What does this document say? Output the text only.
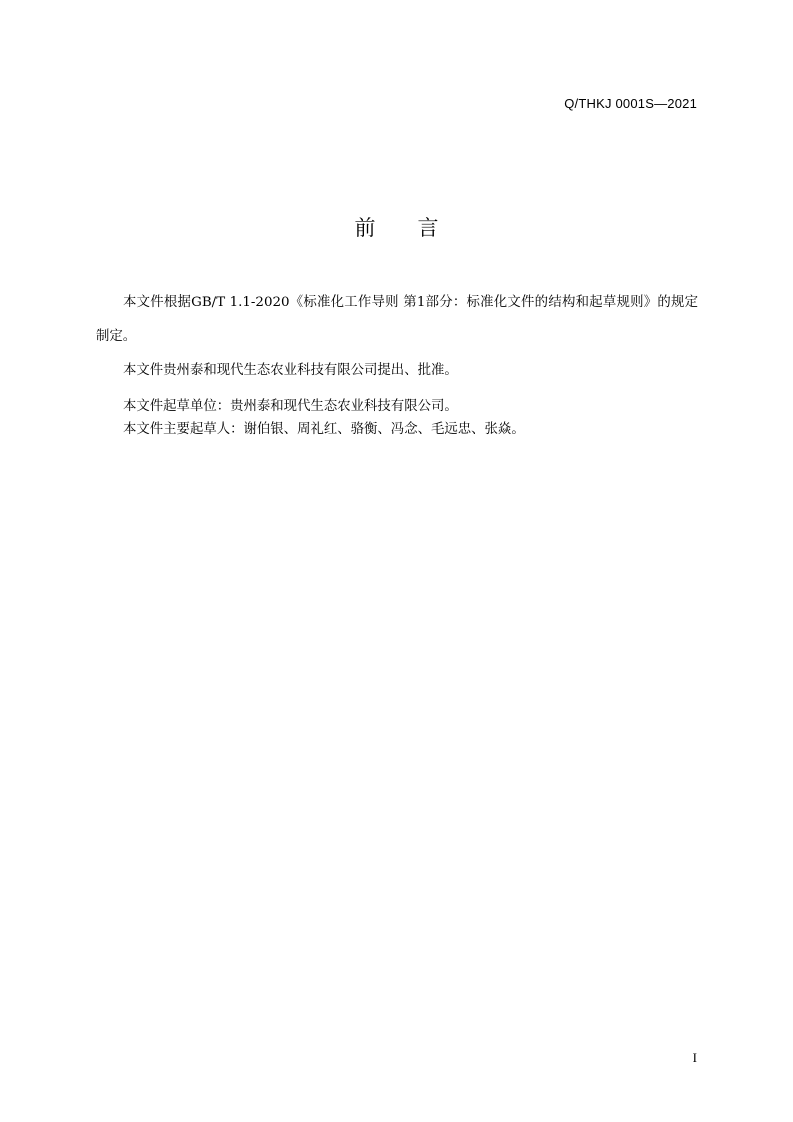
Q/THKJ 0001S—2021
前 言

本文件根据GB/T 1.1-2020《标准化工作导则 第1部分：标准化文件的结构和起草规则》的规定制定。

本文件贵州泰和现代生态农业科技有限公司提出、批准。

本文件起草单位：贵州泰和现代生态农业科技有限公司。

本文件主要起草人：谢伯银、周礼红、骆衡、冯念、毛远忠、张焱。

I
